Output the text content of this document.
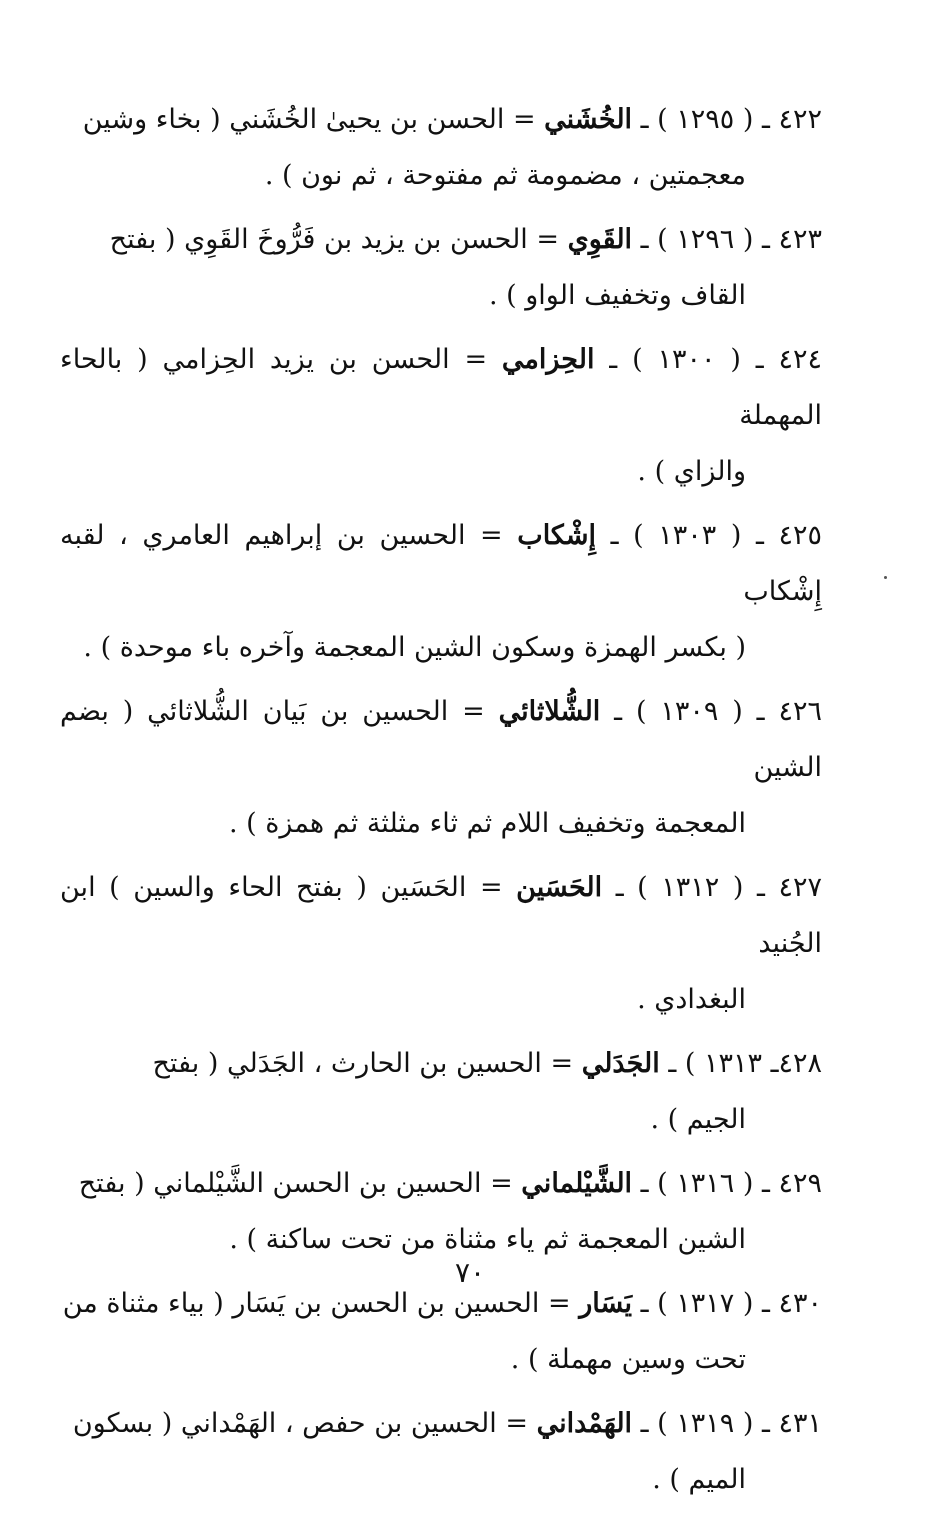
٤٢٢ ـ ( ١٢٩٥ ) ـ الخُشَني = الحسن بن يحيىٰ الخُشَني ( بخاء وشين
معجمتين ، مضمومة ثم مفتوحة ، ثم نون ) .
٤٢٣ ـ ( ١٢٩٦ ) ـ القَوِي = الحسن بن يزيد بن فَرُّوخَ القَوِي ( بفتح
القاف وتخفيف الواو ) .
٤٢٤ ـ ( ١٣٠٠ ) ـ الحِزامي = الحسن بن يزيد الحِزامي ( بالحاء المهملة
والزاي ) .
٤٢٥ ـ ( ١٣٠٣ ) ـ إِشْكاب = الحسين بن إبراهيم العامري ، لقبه إِشْكاب
( بكسر الهمزة وسكون الشين المعجمة وآخره باء موحدة ) .
٤٢٦ ـ ( ١٣٠٩ ) ـ الشُّلاثائي = الحسين بن بَيان الشُّلاثائي ( بضم الشين
المعجمة وتخفيف اللام ثم ثاء مثلثة ثم همزة ) .
٤٢٧ ـ ( ١٣١٢ ) ـ الحَسَين = الحَسَين ( بفتح الحاء والسين ) ابن الجُنيد
البغدادي .
٤٢٨ـ ١٣١٣ ) ـ الجَدَلي = الحسين بن الحارث ، الجَدَلي ( بفتح
الجيم ) .
٤٢٩ ـ ( ١٣١٦ ) ـ الشَّيْلماني = الحسين بن الحسن الشَّيْلماني ( بفتح
الشين المعجمة ثم ياء مثناة من تحت ساكنة ) .
٤٣٠ ـ ( ١٣١٧ ) ـ يَسَار = الحسين بن الحسن بن يَسَار ( بياء مثناة من
تحت وسين مهملة ) .
٤٣١ ـ ( ١٣١٩ ) ـ الهَمْداني = الحسين بن حفص ، الهَمْداني ( بسكون
الميم ) .
٧٠
